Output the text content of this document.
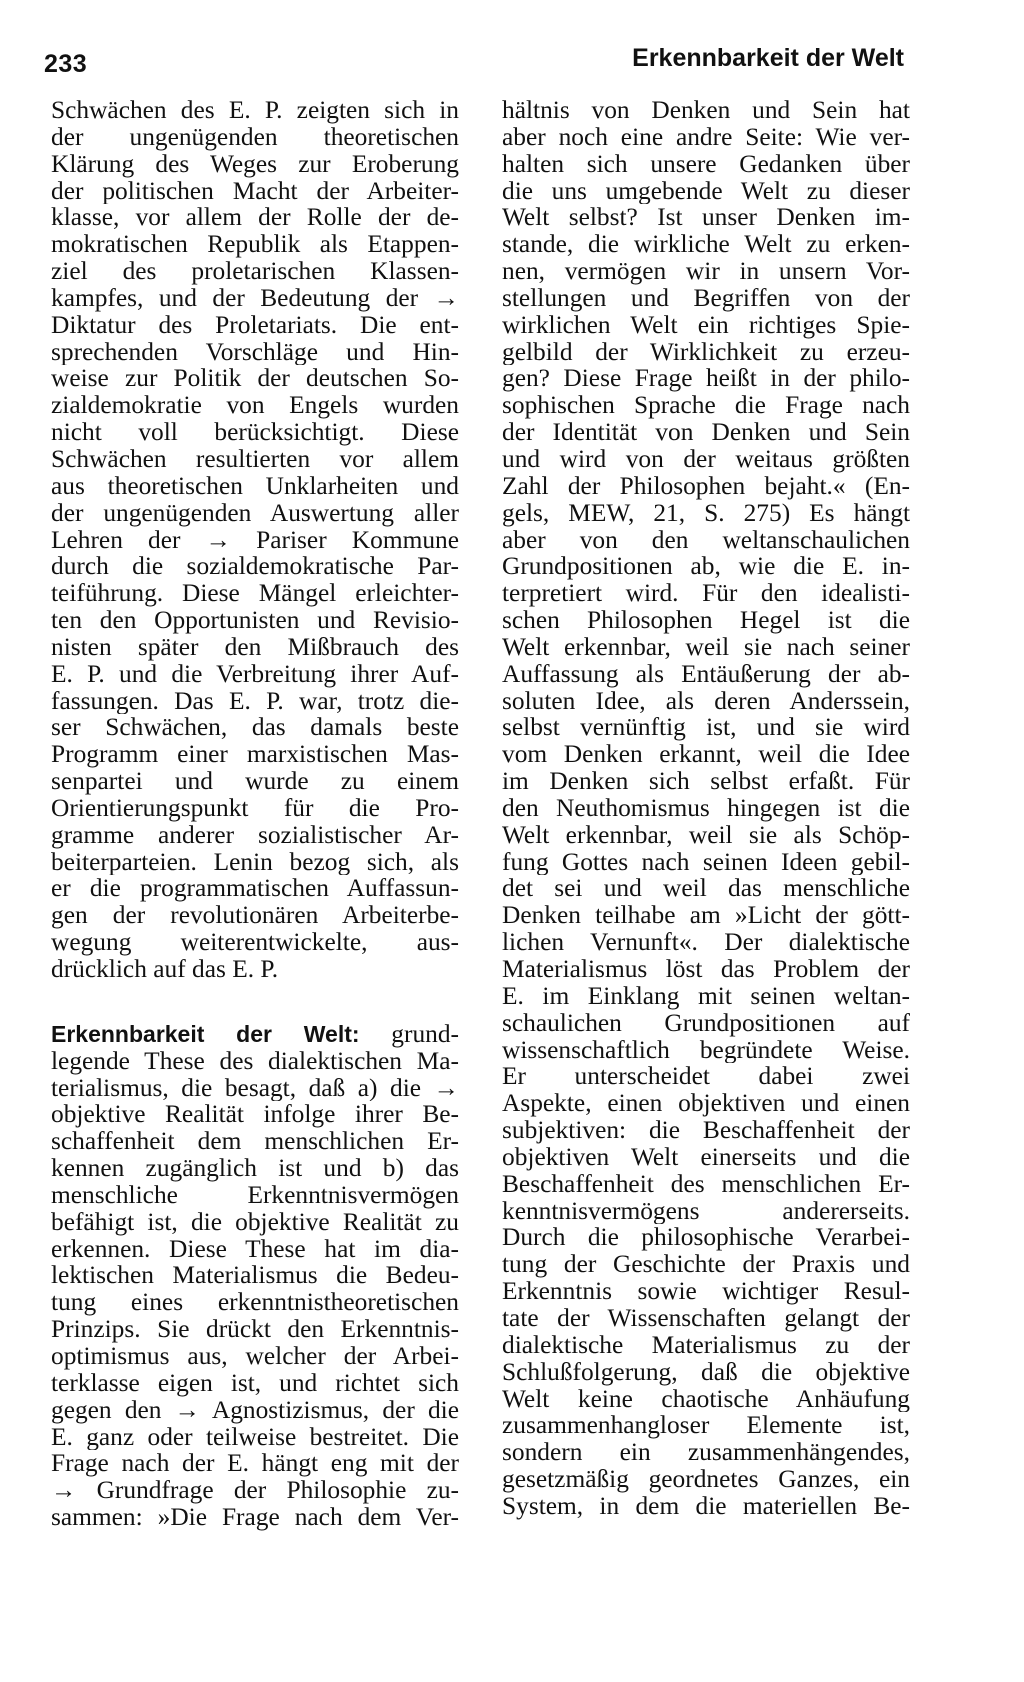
233	Erkennbarkeit der Welt
Schwächen des E. P. zeigten sich in
der ungenügenden theoretischen
Klärung des Weges zur Eroberung
der politischen Macht der Arbeiter-
klasse, vor allem der Rolle der de-
mokratischen Republik als Etappen-
ziel des proletarischen Klassen-
kampfes, und der Bedeutung der →
Diktatur des Proletariats. Die ent-
sprechenden Vorschläge und Hin-
weise zur Politik der deutschen So-
zialdemokratie von Engels wurden
nicht voll berücksichtigt. Diese
Schwächen resultierten vor allem
aus theoretischen Unklarheiten und
der ungenügenden Auswertung aller
Lehren der → Pariser Kommune
durch die sozialdemokratische Par-
teiführung. Diese Mängel erleichter-
ten den Opportunisten und Revisio-
nisten später den Mißbrauch des
E. P. und die Verbreitung ihrer Auf-
fassungen. Das E. P. war, trotz die-
ser Schwächen, das damals beste
Programm einer marxistischen Mas-
senpartei und wurde zu einem
Orientierungspunkt für die Pro-
gramme anderer sozialistischer Ar-
beiterparteien. Lenin bezog sich, als
er die programmatischen Auffassun-
gen der revolutionären Arbeiterbe-
wegung weiterentwickelte, aus-
drücklich auf das E. P.
Erkennbarkeit der Welt: grund-
legende These des dialektischen Ma-
terialismus, die besagt, daß a) die →
objektive Realität infolge ihrer Be-
schaffenheit dem menschlichen Er-
kennen zugänglich ist und b) das
menschliche Erkenntnisvermögen
befähigt ist, die objektive Realität zu
erkennen. Diese These hat im dia-
lektischen Materialismus die Bedeu-
tung eines erkenntnistheoretischen
Prinzips. Sie drückt den Erkenntnis-
optimismus aus, welcher der Arbei-
terklasse eigen ist, und richtet sich
gegen den → Agnostizismus, der die
E. ganz oder teilweise bestreitet. Die
Frage nach der E. hängt eng mit der
→ Grundfrage der Philosophie zu-
sammen: »Die Frage nach dem Ver-
hältnis von Denken und Sein hat
aber noch eine andre Seite: Wie ver-
halten sich unsere Gedanken über
die uns umgebende Welt zu dieser
Welt selbst? Ist unser Denken im-
stande, die wirkliche Welt zu erken-
nen, vermögen wir in unsern Vor-
stellungen und Begriffen von der
wirklichen Welt ein richtiges Spie-
gelbild der Wirklichkeit zu erzeu-
gen? Diese Frage heißt in der philo-
sophischen Sprache die Frage nach
der Identität von Denken und Sein
und wird von der weitaus größten
Zahl der Philosophen bejaht.« (En-
gels, MEW, 21, S. 275) Es hängt
aber von den weltanschaulichen
Grundpositionen ab, wie die E. in-
terpretiert wird. Für den idealisti-
schen Philosophen Hegel ist die
Welt erkennbar, weil sie nach seiner
Auffassung als Entäußerung der ab-
soluten Idee, als deren Anderssein,
selbst vernünftig ist, und sie wird
vom Denken erkannt, weil die Idee
im Denken sich selbst erfaßt. Für
den Neuthomismus hingegen ist die
Welt erkennbar, weil sie als Schöp-
fung Gottes nach seinen Ideen gebil-
det sei und weil das menschliche
Denken teilhabe am »Licht der gött-
lichen Vernunft«. Der dialektische
Materialismus löst das Problem der
E. im Einklang mit seinen weltan-
schaulichen Grundpositionen auf
wissenschaftlich begründete Weise.
Er unterscheidet dabei zwei
Aspekte, einen objektiven und einen
subjektiven: die Beschaffenheit der
objektiven Welt einerseits und die
Beschaffenheit des menschlichen Er-
kenntnisvermögens andererseits.
Durch die philosophische Verarbei-
tung der Geschichte der Praxis und
Erkenntnis sowie wichtiger Resul-
tate der Wissenschaften gelangt der
dialektische Materialismus zu der
Schlußfolgerung, daß die objektive
Welt keine chaotische Anhäufung
zusammenhangloser Elemente ist,
sondern ein zusammenhängendes,
gesetzmäßig geordnetes Ganzes, ein
System, in dem die materiellen Be-
